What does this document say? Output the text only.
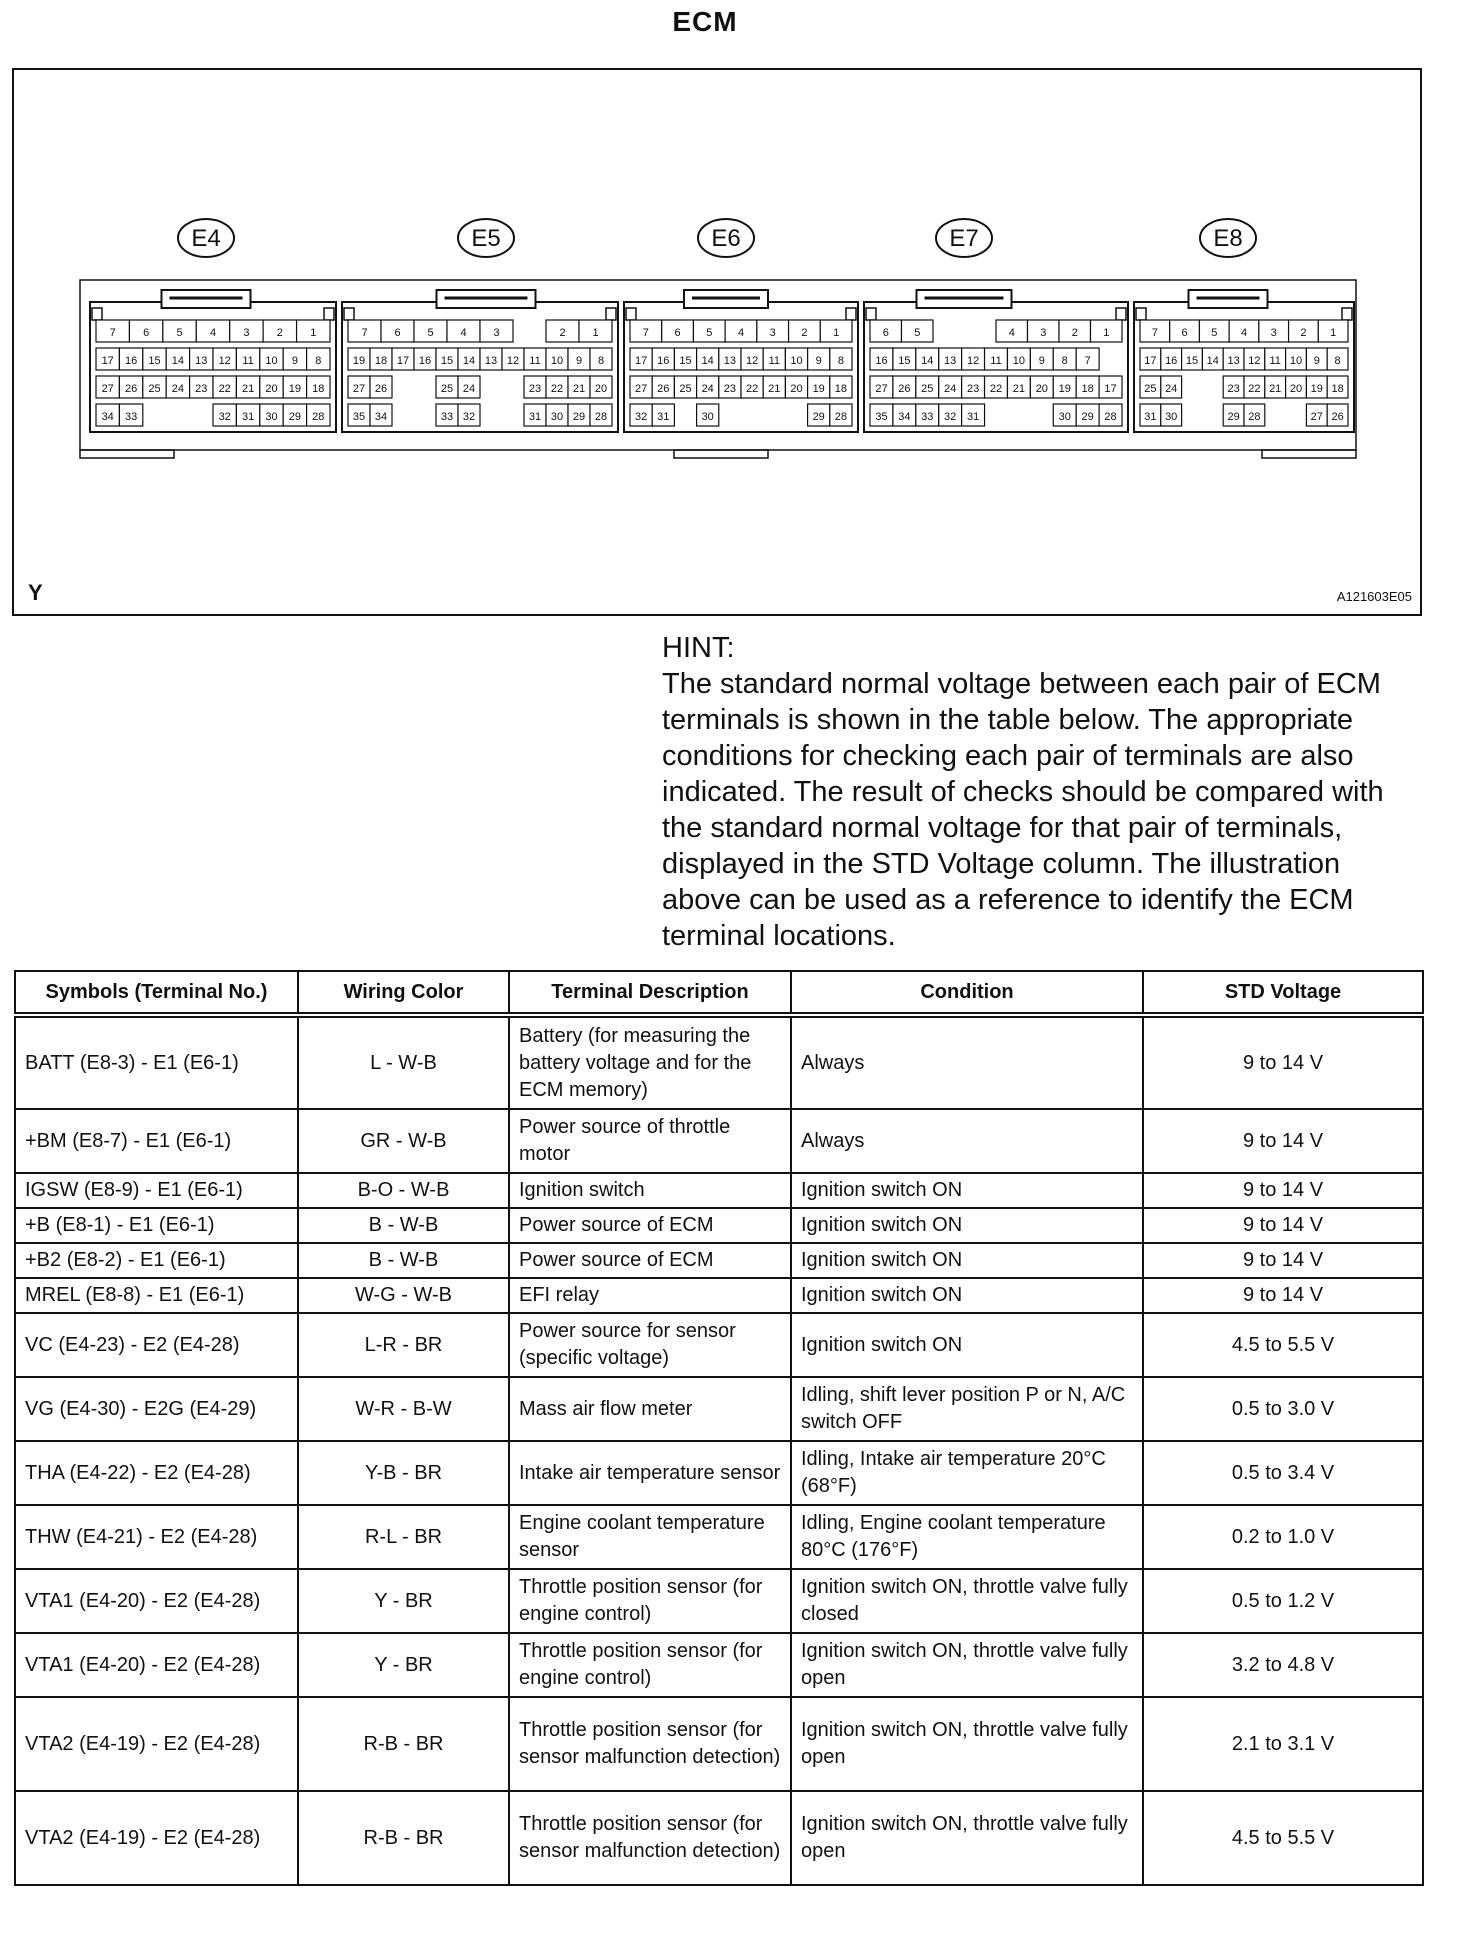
ECM
E4
7 6 5 4 3 2 1
17 16 15 14 13 12 11 10 9 8
27 26 25 24 23 22 21 20 19 18
34 33	32 31 30 29 28
E5
7 6 5 4 3	2 1
19 18 17 16 15 14 13 12 11 10 9 8
27 26	25 24	23 22 21 20
35 34	33 32	31 30 29 28
E6
7 6 5 4 3 2 1
17 16 15 14 13 12 11 10 9 8
27 26 25 24 23 22 21 20 19 18
32 31	30	29 28
E7
6 5	4 3 2 1
16 15 14 13 12 11 10 9 8 7
27 26 25 24 23 22 21 20 19 18 17
35 34 33 32 31	30 29 28
E8
7 6 5 4 3 2 1
17 16 15 14 13 12 11 10 9 8
25 24	23 22 21 20 19 18
31 30	29 28	27 26
Y	A121603E05

HINT:

The standard normal voltage between each pair of ECM terminals is shown in the table below. The appropriate conditions for checking each pair of terminals are also indicated. The result of checks should be compared with the standard normal voltage for that pair of terminals, displayed in the STD Voltage column. The illustration above can be used as a reference to identify the ECM terminal locations.

Symbols (Terminal No.)	Wiring Color	Terminal Description	Condition	STD Voltage
BATT (E8-3) - E1 (E6-1)	L - W-B	Battery (for measuring the battery voltage and for the ECM memory)	Always	9 to 14 V
+BM (E8-7) - E1 (E6-1)	GR - W-B	Power source of throttle motor	Always	9 to 14 V
IGSW (E8-9) - E1 (E6-1)	B-O - W-B	Ignition switch	Ignition switch ON	9 to 14 V
+B (E8-1) - E1 (E6-1)	B - W-B	Power source of ECM	Ignition switch ON	9 to 14 V
+B2 (E8-2) - E1 (E6-1)	B - W-B	Power source of ECM	Ignition switch ON	9 to 14 V
MREL (E8-8) - E1 (E6-1)	W-G - W-B	EFI relay	Ignition switch ON	9 to 14 V
VC (E4-23) - E2 (E4-28)	L-R - BR	Power source for sensor (specific voltage)	Ignition switch ON	4.5 to 5.5 V
VG (E4-30) - E2G (E4-29)	W-R - B-W	Mass air flow meter	Idling, shift lever position P or N, A/C switch OFF	0.5 to 3.0 V
THA (E4-22) - E2 (E4-28)	Y-B - BR	Intake air temperature sensor	Idling, Intake air temperature 20°C (68°F)	0.5 to 3.4 V
THW (E4-21) - E2 (E4-28)	R-L - BR	Engine coolant temperature sensor	Idling, Engine coolant temperature 80°C (176°F)	0.2 to 1.0 V
VTA1 (E4-20) - E2 (E4-28)	Y - BR	Throttle position sensor (for engine control)	Ignition switch ON, throttle valve fully closed	0.5 to 1.2 V
VTA1 (E4-20) - E2 (E4-28)	Y - BR	Throttle position sensor (for engine control)	Ignition switch ON, throttle valve fully open	3.2 to 4.8 V
VTA2 (E4-19) - E2 (E4-28)	R-B - BR	Throttle position sensor (for sensor malfunction detection)	Ignition switch ON, throttle valve fully open	2.1 to 3.1 V
VTA2 (E4-19) - E2 (E4-28)	R-B - BR	Throttle position sensor (for sensor malfunction detection)	Ignition switch ON, throttle valve fully open	4.5 to 5.5 V
